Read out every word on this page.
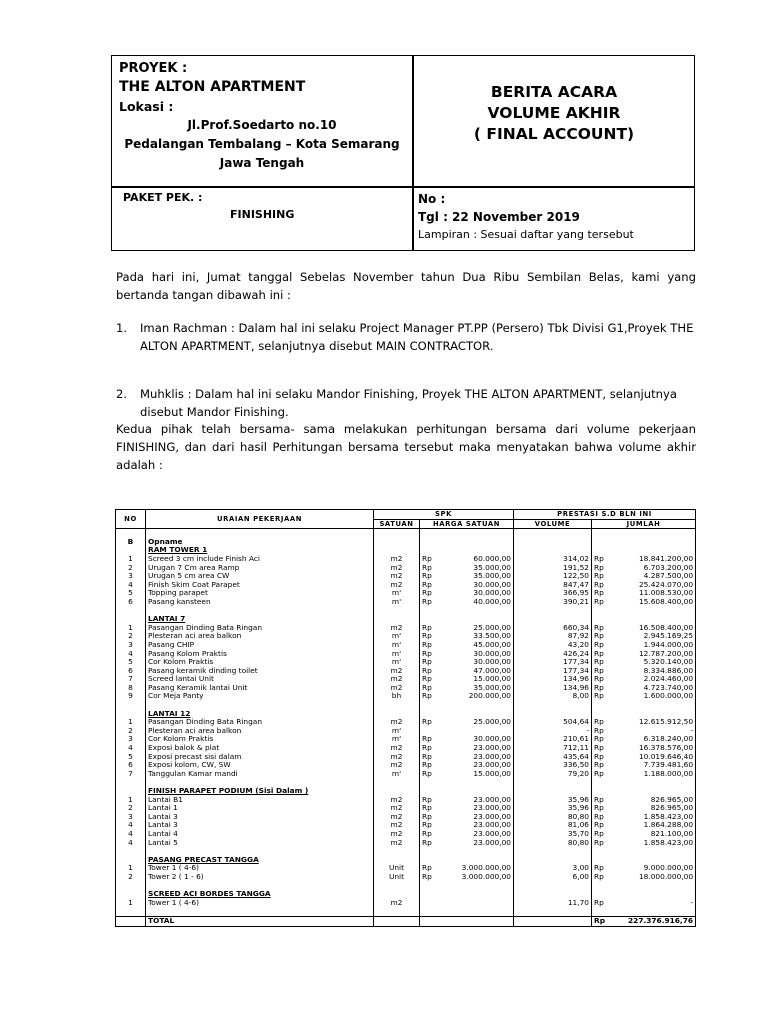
PROYEK :
THE ALTON APARTMENT
Lokasi :
Jl.Prof.Soedarto no.10
Pedalangan Tembalang – Kota Semarang
Jawa Tengah
BERITA ACARA
VOLUME AKHIR
( FINAL ACCOUNT)
PAKET PEK. :
FINISHING
No :
Tgl : 22 November 2019
Lampiran : Sesuai daftar yang tersebut
Pada hari ini, Jumat tanggal Sebelas November tahun Dua Ribu Sembilan Belas, kami yang bertanda tangan dibawah ini :
1. Iman Rachman : Dalam hal ini selaku Project Manager PT.PP (Persero) Tbk Divisi G1,Proyek THE ALTON APARTMENT, selanjutnya disebut MAIN CONTRACTOR.
2. Muhklis : Dalam hal ini selaku Mandor Finishing, Proyek THE ALTON APARTMENT, selanjutnya disebut Mandor Finishing.
Kedua pihak telah bersama- sama melakukan perhitungan bersama dari volume pekerjaan FINISHING, dan dari hasil Perhitungan bersama tersebut maka menyatakan bahwa volume akhir adalah :
NO	URAIAN PEKERJAAN	SPK			PRESTASI S.D BLN INI		
		SATUAN	HARGA SATUAN		VOLUME	JUMLAH	

B	Opname						
	RAM TOWER 1						
1	Screed 3 cm include Finish Aci	m2	Rp	60.000,00	314,02	Rp	18.841.200,00
2	Urugan 7 Cm area Ramp	m2	Rp	35.000,00	191,52	Rp	6.703.200,00
3	Urugan 5 cm area CW	m2	Rp	35.000,00	122,50	Rp	4.287.500,00
4	Finish Skim Coat Parapet	m2	Rp	30.000,00	847,47	Rp	25.424.070,00
5	Topping parapet	m'	Rp	30.000,00	366,95	Rp	11.008.530,00
6	Pasang kansteen	m'	Rp	40.000,00	390,21	Rp	15.608.400,00

	LANTAI 7						
1	Pasangan Dinding Bata Ringan	m2	Rp	25.000,00	660,34	Rp	16.508.400,00
2	Plesteran aci area balkon	m'	Rp	33.500,00	87,92	Rp	2.945.169,25
3	Pasang CHIP	m'	Rp	45.000,00	43,20	Rp	1.944.000,00
4	Pasang Kolom Praktis	m'	Rp	30.000,00	426,24	Rp	12.787.200,00
5	Cor Kolom Praktis	m'	Rp	30.000,00	177,34	Rp	5.320.140,00
6	Pasang keramik dinding toilet	m2	Rp	47.000,00	177,34	Rp	8.334.886,00
7	Screed lantai Unit	m2	Rp	15.000,00	134,96	Rp	2.024.460,00
8	Pasang Keramik lantai Unit	m2	Rp	35.000,00	134,96	Rp	4.723.740,00
9	Cor Meja Panty	bh	Rp	200.000,00	8,00	Rp	1.600.000,00

	LANTAI 12						
1	Pasangan Dinding Bata Ringan	m2	Rp	25.000,00	504,64	Rp	12.615.912,50
2	Plesteran aci area balkon	m'			-	Rp	-
3	Cor Kolom Praktis	m'	Rp	30.000,00	210,61	Rp	6.318.240,00
4	Exposi balok & plat	m2	Rp	23.000,00	712,11	Rp	16.378.576,00
5	Exposi precast sisi dalam	m2	Rp	23.000,00	435,64	Rp	10.019.646,40
6	Exposi kolom, CW, SW	m2	Rp	23.000,00	336,50	Rp	7.739.481,60
7	Tanggulan Kamar mandi	m'	Rp	15.000,00	79,20	Rp	1.188.000,00

	FINISH PARAPET PODIUM (Sisi Dalam )						
1	Lantai B1	m2	Rp	23.000,00	35,96	Rp	826.965,00
2	Lantai 1	m2	Rp	23.000,00	35,96	Rp	826.965,00
3	Lantai 3	m2	Rp	23.000,00	80,80	Rp	1.858.423,00
4	Lantai 3	m2	Rp	23.000,00	81,06	Rp	1.864.288,00
4	Lantai 4	m2	Rp	23.000,00	35,70	Rp	821.100,00
4	Lantai 5	m2	Rp	23.000,00	80,80	Rp	1.858.423,00

	PASANG PRECAST TANGGA						
1	Tower 1 ( 4-6)	Unit	Rp	3.000.000,00	3,00	Rp	9.000.000,00
2	Tower 2 ( 1 - 6)	Unit	Rp	3.000.000,00	6,00	Rp	18.000.000,00

	SCREED ACI BORDES TANGGA						
1	Tower 1 ( 4-6)	m2			11,70	Rp	-

	TOTAL					Rp	227.376.916,76
